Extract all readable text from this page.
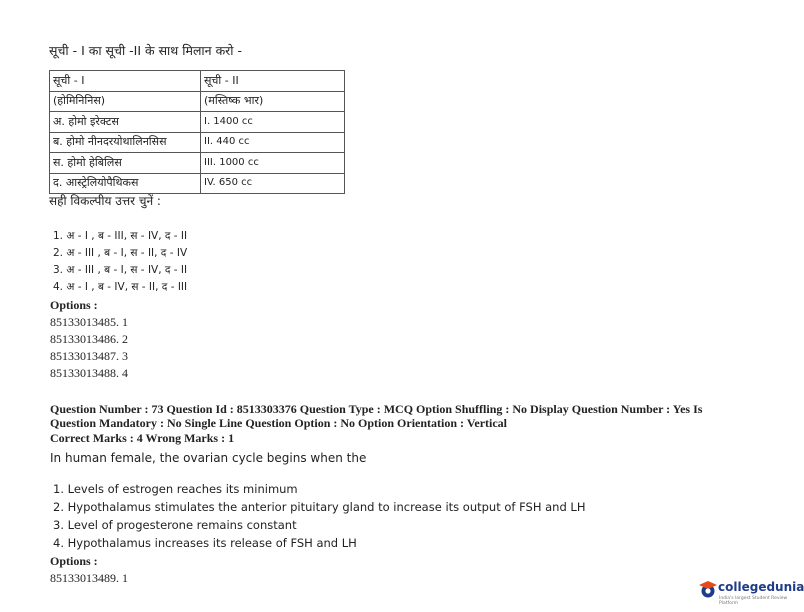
सूची - I का सूची -II के साथ मिलान करो -
सूची - I	सूची - II
(होमिनिनिस)	(मस्तिष्क भार)
अ. होमो इरेक्टस	I. 1400 cc
ब. होमो नीनदरयोथालिनसिस	II. 440 cc
स. होमो हेबिलिस	III. 1000 cc
द. आस्ट्रेलियोपैथिकस	IV. 650 cc
सही विकल्पीय उत्तर चुनें :
1. अ - I , ब - III, स - IV, द - II
2. अ - III , ब - I, स - II, द - IV
3. अ - III , ब - I, स - IV, द - II
4. अ - I , ब - IV, स - II, द - III
Options :
85133013485. 1
85133013486. 2
85133013487. 3
85133013488. 4
Question Number : 73 Question Id : 8513303376 Question Type : MCQ Option Shuffling : No Display Question Number : Yes Is
Question Mandatory : No Single Line Question Option : No Option Orientation : Vertical
Correct Marks : 4 Wrong Marks : 1
In human female, the ovarian cycle begins when the
1. Levels of estrogen reaches its minimum
2. Hypothalamus stimulates the anterior pituitary gland to increase its output of FSH and LH
3. Level of progesterone remains constant
4. Hypothalamus increases its release of FSH and LH
Options :
85133013489. 1
collegedunia
India's largest Student Review Platform
